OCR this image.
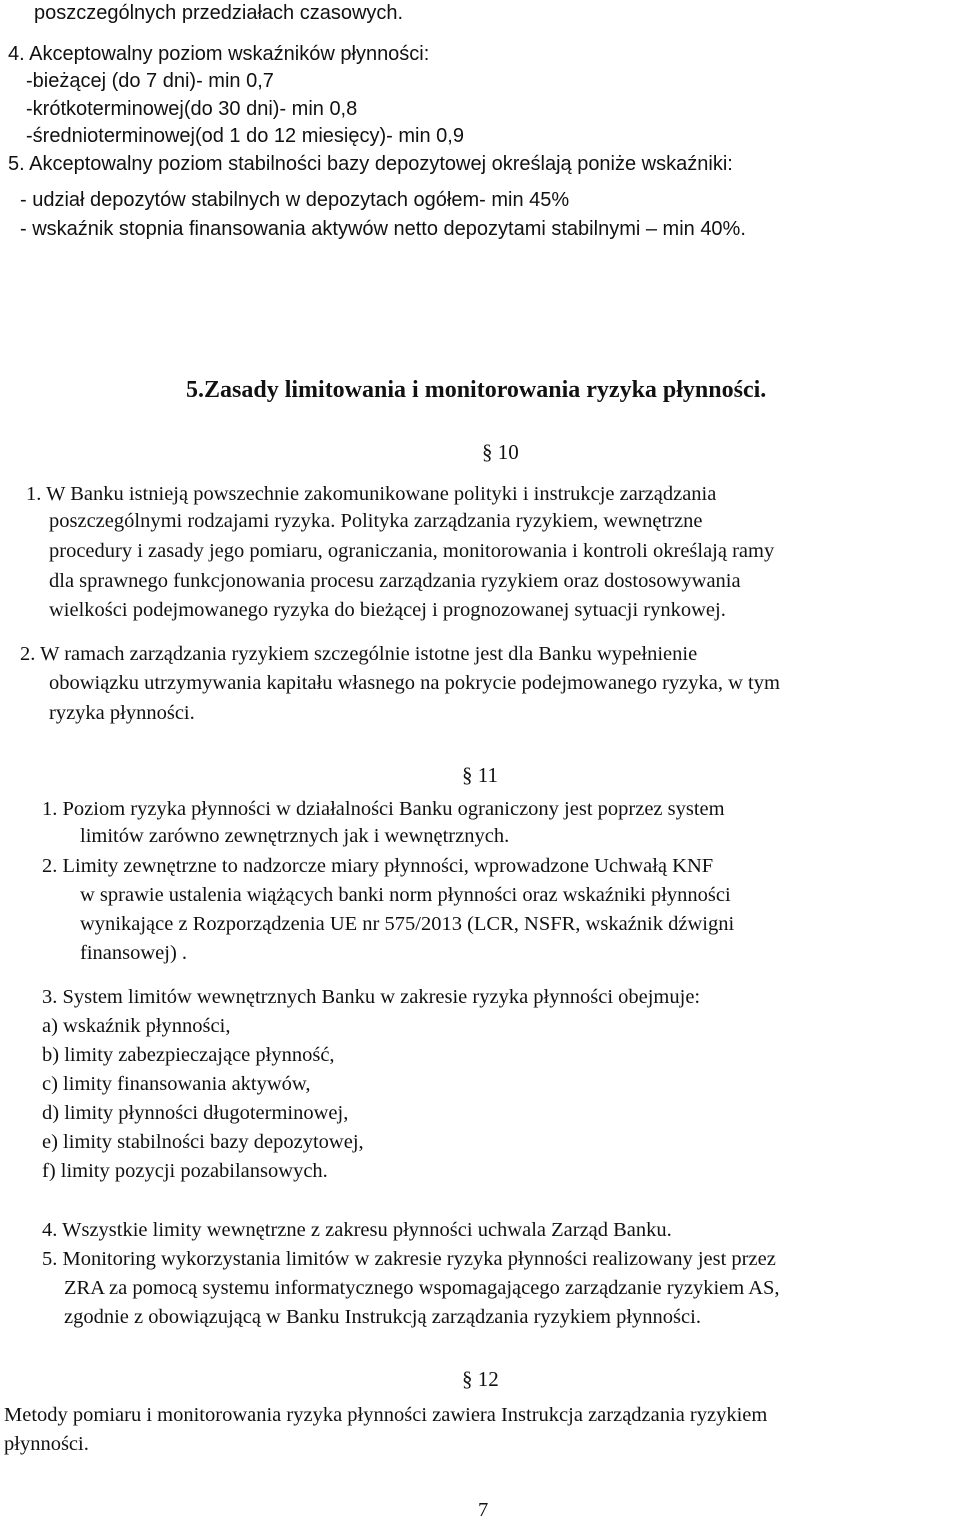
poszczególnych przedziałach czasowych.
4. Akceptowalny poziom wskaźników płynności:
-bieżącej (do 7 dni)- min 0,7
-krótkoterminowej(do 30 dni)- min 0,8
-średnioterminowej(od 1 do 12 miesięcy)- min 0,9
5. Akceptowalny poziom stabilności bazy depozytowej określają poniże wskaźniki:
- udział depozytów stabilnych w depozytach ogółem- min 45%
- wskaźnik stopnia finansowania aktywów netto depozytami stabilnymi – min 40%.
5.Zasady limitowania i monitorowania ryzyka płynności.
§ 10
1. W Banku istnieją powszechnie zakomunikowane polityki i instrukcje zarządzania
poszczególnymi rodzajami ryzyka. Polityka zarządzania ryzykiem, wewnętrzne
procedury i zasady jego pomiaru, ograniczania, monitorowania i kontroli określają ramy
dla sprawnego funkcjonowania procesu zarządzania ryzykiem oraz dostosowywania
wielkości podejmowanego ryzyka do bieżącej i prognozowanej sytuacji rynkowej.
2. W ramach zarządzania ryzykiem szczególnie istotne jest dla Banku wypełnienie
obowiązku utrzymywania kapitału własnego na pokrycie podejmowanego ryzyka, w tym
ryzyka płynności.
§ 11
1. Poziom ryzyka płynności w działalności Banku ograniczony jest poprzez system
limitów zarówno zewnętrznych jak i wewnętrznych.
2. Limity zewnętrzne to nadzorcze miary płynności, wprowadzone Uchwałą KNF
w sprawie ustalenia wiążących banki norm płynności oraz wskaźniki płynności
wynikające z Rozporządzenia UE nr 575/2013 (LCR, NSFR, wskaźnik dźwigni
finansowej) .
3. System limitów wewnętrznych Banku w zakresie ryzyka płynności obejmuje:
a) wskaźnik płynności,
b) limity zabezpieczające płynność,
c) limity finansowania aktywów,
d) limity płynności długoterminowej,
e) limity stabilności bazy depozytowej,
f) limity pozycji pozabilansowych.
4. Wszystkie limity wewnętrzne z zakresu płynności uchwala Zarząd Banku.
5. Monitoring wykorzystania limitów w zakresie ryzyka płynności realizowany jest przez
ZRA za pomocą systemu informatycznego wspomagającego zarządzanie ryzykiem AS,
zgodnie z obowiązującą w Banku Instrukcją zarządzania ryzykiem płynności.
§ 12
Metody pomiaru i monitorowania ryzyka płynności zawiera Instrukcja zarządzania ryzykiem
płynności.
7
